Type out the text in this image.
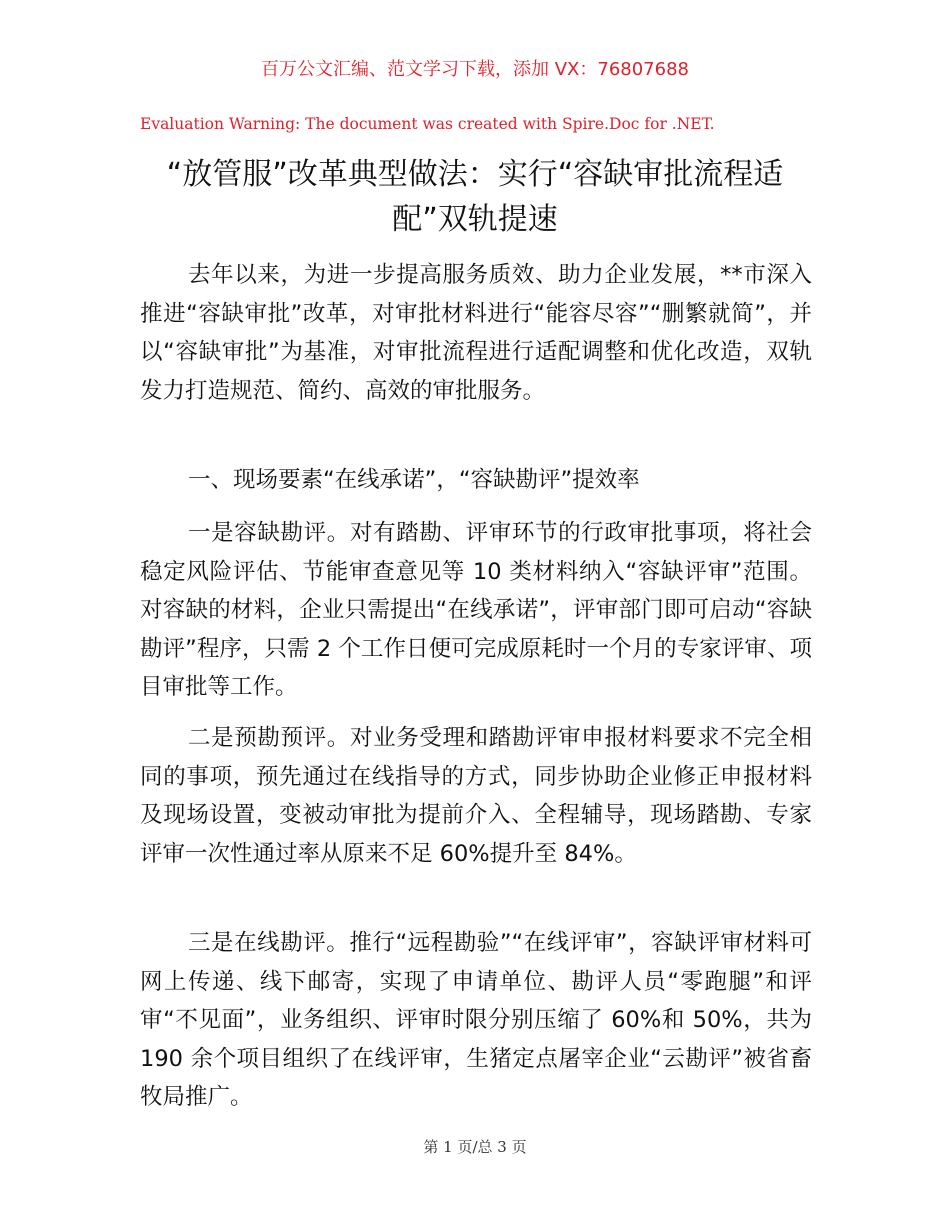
百万公文汇编、范文学习下载，添加 VX：76807688
Evaluation Warning: The document was created with Spire.Doc for .NET.
“放管服”改革典型做法：实行“容缺审批流程适配”双轨提速

去年以来，为进一步提高服务质效、助力企业发展，**市深入推进“容缺审批”改革，对审批材料进行“能容尽容”“删繁就简”，并以“容缺审批”为基准，对审批流程进行适配调整和优化改造，双轨发力打造规范、简约、高效的审批服务。

一、现场要素“在线承诺”，“容缺勘评”提效率

一是容缺勘评。对有踏勘、评审环节的行政审批事项，将社会稳定风险评估、节能审查意见等 10 类材料纳入“容缺评审”范围。对容缺的材料，企业只需提出“在线承诺”，评审部门即可启动“容缺勘评”程序，只需 2 个工作日便可完成原耗时一个月的专家评审、项目审批等工作。

二是预勘预评。对业务受理和踏勘评审申报材料要求不完全相同的事项，预先通过在线指导的方式，同步协助企业修正申报材料及现场设置，变被动审批为提前介入、全程辅导，现场踏勘、专家评审一次性通过率从原来不足 60%提升至 84%。

三是在线勘评。推行“远程勘验”“在线评审”，容缺评审材料可网上传递、线下邮寄，实现了申请单位、勘评人员“零跑腿”和评审“不见面”，业务组织、评审时限分别压缩了 60%和 50%，共为 190 余个项目组织了在线评审，生猪定点屠宰企业“云勘评”被省畜牧局推广。

第 1 页/总 3 页
